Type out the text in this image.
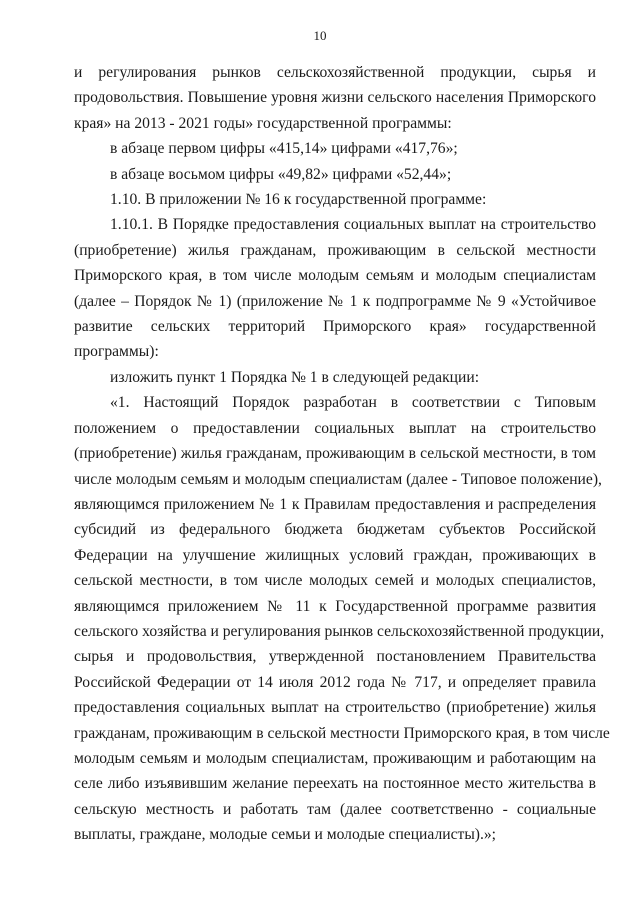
10
и регулирования рынков сельскохозяйственной продукции, сырья и
продовольствия. Повышение уровня жизни сельского населения Приморского
края» на 2013 - 2021 годы» государственной программы:
в абзаце первом цифры «415,14» цифрами «417,76»;
в абзаце восьмом цифры «49,82» цифрами «52,44»;
1.10. В приложении № 16 к государственной программе:
1.10.1. В Порядке предоставления социальных выплат на строительство
(приобретение) жилья гражданам, проживающим в сельской местности
Приморского края, в том числе молодым семьям и молодым специалистам
(далее – Порядок № 1) (приложение № 1 к подпрограмме № 9 «Устойчивое
развитие сельских территорий Приморского края» государственной
программы):
изложить пункт 1 Порядка № 1 в следующей редакции:
«1. Настоящий Порядок разработан в соответствии с Типовым
положением о предоставлении социальных выплат на строительство
(приобретение) жилья гражданам, проживающим в сельской местности, в том
числе молодым семьям и молодым специалистам (далее - Типовое положение),
являющимся приложением № 1 к Правилам предоставления и распределения
субсидий из федерального бюджета бюджетам субъектов Российской
Федерации на улучшение жилищных условий граждан, проживающих в
сельской местности, в том числе молодых семей и молодых специалистов,
являющимся приложением № 11 к Государственной программе развития
сельского хозяйства и регулирования рынков сельскохозяйственной продукции,
сырья и продовольствия, утвержденной постановлением Правительства
Российской Федерации от 14 июля 2012 года № 717, и определяет правила
предоставления социальных выплат на строительство (приобретение) жилья
гражданам, проживающим в сельской местности Приморского края, в том числе
молодым семьям и молодым специалистам, проживающим и работающим на
селе либо изъявившим желание переехать на постоянное место жительства в
сельскую местность и работать там (далее соответственно - социальные
выплаты, граждане, молодые семьи и молодые специалисты).»;
